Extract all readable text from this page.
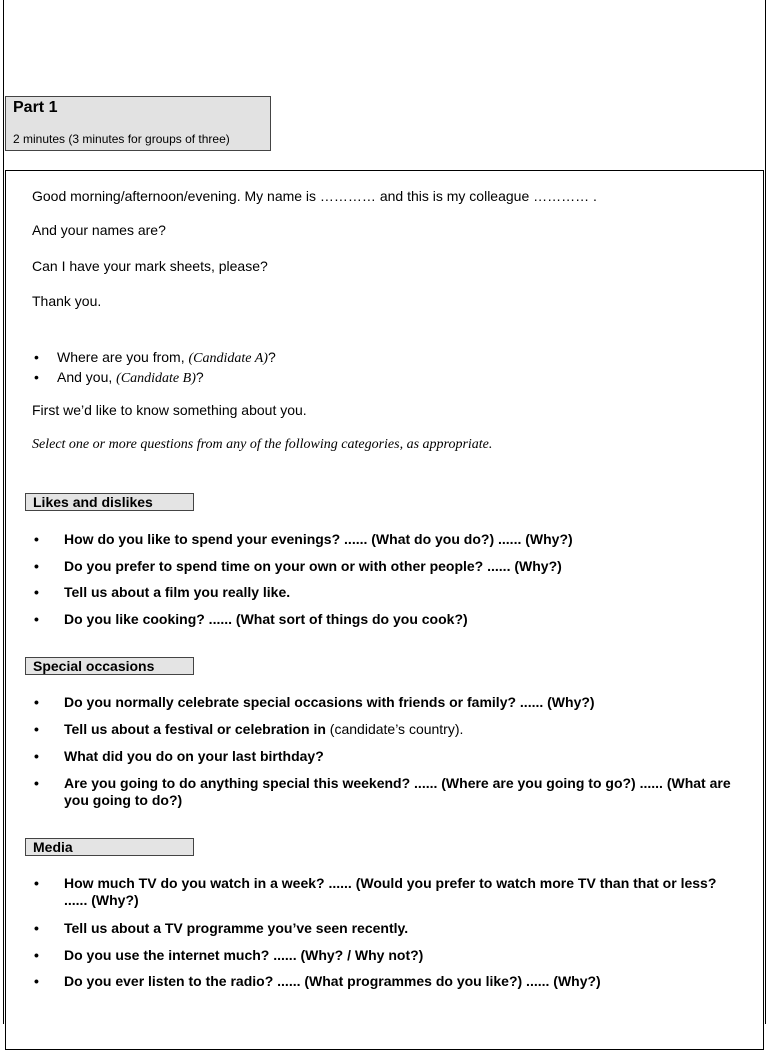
Part 1
2 minutes (3 minutes for groups of three)
Good morning/afternoon/evening. My name is ………… and this is my colleague ………… .
And your names are?
Can I have your mark sheets, please?
Thank you.
• Where are you from, (Candidate A)?
• And you, (Candidate B)?
First we’d like to know something about you.
Select one or more questions from any of the following categories, as appropriate.
Likes and dislikes
• How do you like to spend your evenings? ...... (What do you do?) ...... (Why?)
• Do you prefer to spend time on your own or with other people? ...... (Why?)
• Tell us about a film you really like.
• Do you like cooking? ...... (What sort of things do you cook?)
Special occasions
• Do you normally celebrate special occasions with friends or family? ...... (Why?)
• Tell us about a festival or celebration in (candidate’s country).
• What did you do on your last birthday?
• Are you going to do anything special this weekend? ...... (Where are you going to go?) ...... (What are you going to do?)
Media
• How much TV do you watch in a week? ...... (Would you prefer to watch more TV than that or less? ...... (Why?)
• Tell us about a TV programme you’ve seen recently.
• Do you use the internet much? ...... (Why? / Why not?)
• Do you ever listen to the radio? ...... (What programmes do you like?) ...... (Why?)
